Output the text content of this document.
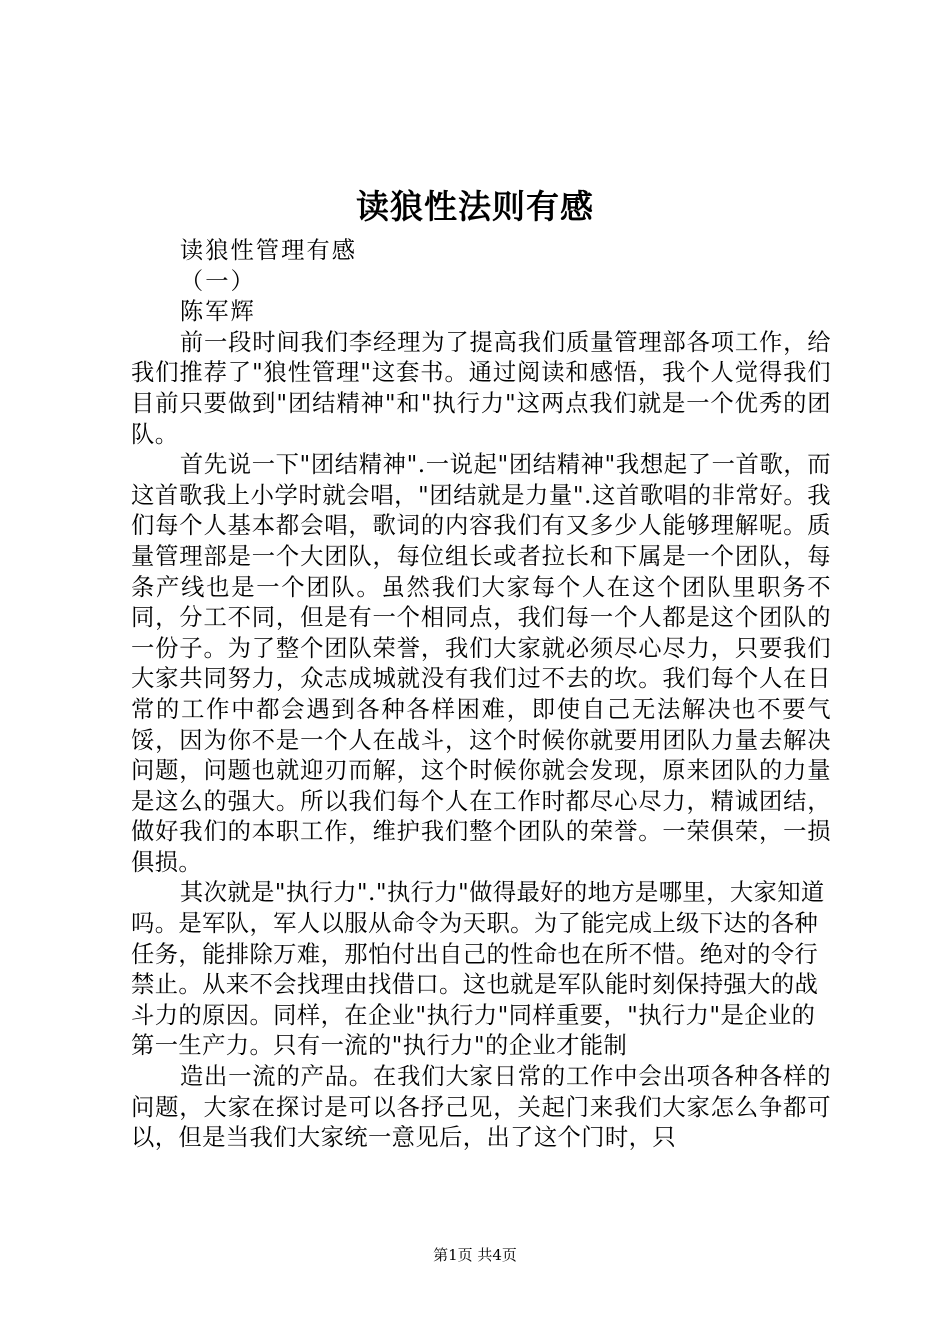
读狼性法则有感

读狼性管理有感

（一）

陈军辉

前一段时间我们李经理为了提高我们质量管理部各项工作，给我们推荐了"狼性管理"这套书。通过阅读和感悟，我个人觉得我们目前只要做到"团结精神"和"执行力"这两点我们就是一个优秀的团队。

首先说一下"团结精神".一说起"团结精神"我想起了一首歌，而这首歌我上小学时就会唱，"团结就是力量".这首歌唱的非常好。我们每个人基本都会唱，歌词的内容我们有又多少人能够理解呢。质量管理部是一个大团队，每位组长或者拉长和下属是一个团队，每条产线也是一个团队。虽然我们大家每个人在这个团队里职务不同，分工不同，但是有一个相同点，我们每一个人都是这个团队的一份子。为了整个团队荣誉，我们大家就必须尽心尽力，只要我们大家共同努力，众志成城就没有我们过不去的坎。我们每个人在日常的工作中都会遇到各种各样困难，即使自己无法解决也不要气馁，因为你不是一个人在战斗，这个时候你就要用团队力量去解决问题，问题也就迎刃而解，这个时候你就会发现，原来团队的力量是这么的强大。所以我们每个人在工作时都尽心尽力，精诚团结，做好我们的本职工作，维护我们整个团队的荣誉。一荣俱荣，一损俱损。

其次就是"执行力"."执行力"做得最好的地方是哪里，大家知道吗。是军队，军人以服从命令为天职。为了能完成上级下达的各种任务，能排除万难，那怕付出自己的性命也在所不惜。绝对的令行禁止。从来不会找理由找借口。这也就是军队能时刻保持强大的战斗力的原因。同样，在企业"执行力"同样重要，"执行力"是企业的第一生产力。只有一流的"执行力"的企业才能制

造出一流的产品。在我们大家日常的工作中会出项各种各样的问题，大家在探讨是可以各抒己见，关起门来我们大家怎么争都可以，但是当我们大家统一意见后，出了这个门时，只

第1页 共4页
